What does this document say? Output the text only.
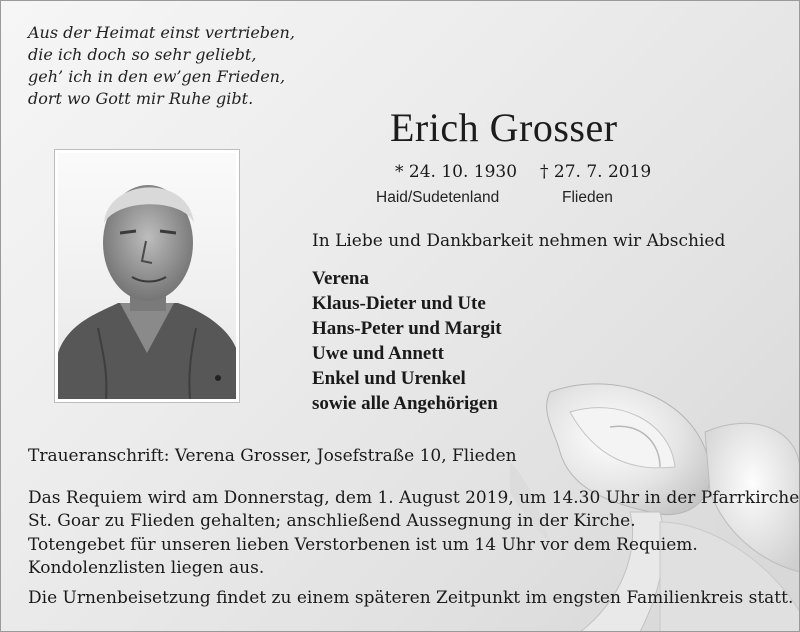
Aus der Heimat einst vertrieben,
die ich doch so sehr geliebt,
geh’ ich in den ew’gen Frieden,
dort wo Gott mir Ruhe gibt.
Erich Grosser
* 24. 10. 1930 † 27. 7. 2019
Haid/Sudetenland	Flieden
In Liebe und Dankbarkeit nehmen wir Abschied
Verena
Klaus-Dieter und Ute
Hans-Peter und Margit
Uwe und Annett
Enkel und Urenkel
sowie alle Angehörigen
Traueranschrift: Verena Grosser, Josefstraße 10, Flieden
Das Requiem wird am Donnerstag, dem 1. August 2019, um 14.30 Uhr in der Pfarrkirche
St. Goar zu Flieden gehalten; anschließend Aussegnung in der Kirche.
Totengebet für unseren lieben Verstorbenen ist um 14 Uhr vor dem Requiem.
Kondolenzlisten liegen aus.
Die Urnenbeisetzung findet zu einem späteren Zeitpunkt im engsten Familienkreis statt.
